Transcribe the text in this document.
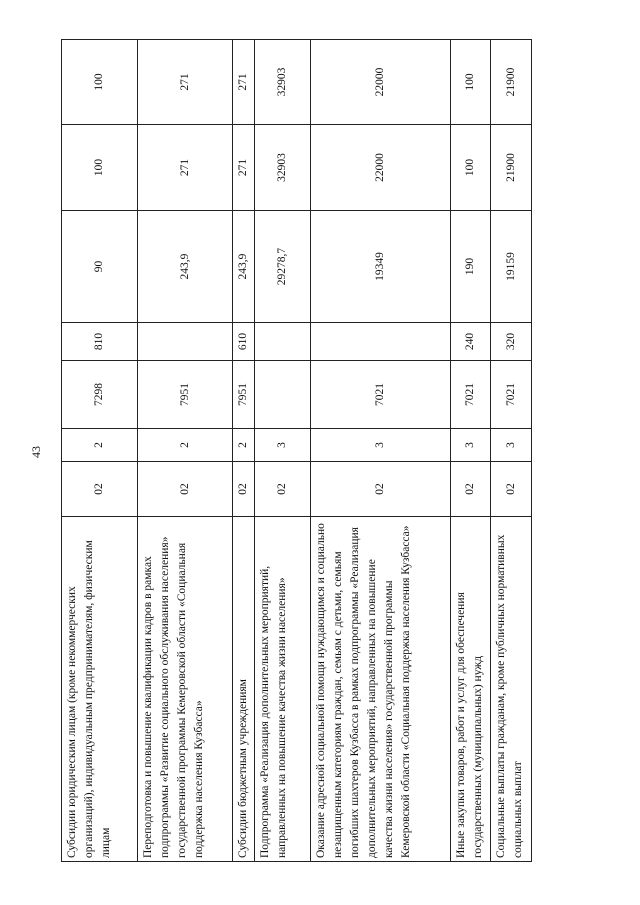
43
Субсидии юридическим лицам (кроме некоммерческих организаций), индивидуальным предпринимателям, физическим лицам	02	2	7298	810	90	100	100
Переподготовка и повышение квалификации кадров в рамках подпрограммы «Развитие социального обслуживания населения» государственной программы Кемеровской области «Социальная поддержка населения Кузбасса»	02	2	7951		243,9	271	271
Субсидии бюджетным учреждениям	02	2	7951	610	243,9	271	271
Подпрограмма «Реализация дополнительных мероприятий, направленных на повышение качества жизни населения»	02	3			29278,7	32903	32903
Оказание адресной социальной помощи нуждающимся и социально незащищенным категориям граждан, семьям с детьми, семьям погибших шахтеров Кузбасса в рамках подпрограммы «Реализация дополнительных мероприятий, направленных на повышение качества жизни населения» государственной программы Кемеровской области «Социальная поддержка населения Кузбасса»	02	3	7021		19349	22000	22000
Иные закупки товаров, работ и услуг для обеспечения государственных (муниципальных) нужд	02	3	7021	240	190	100	100
Социальные выплаты гражданам, кроме публичных нормативных социальных выплат	02	3	7021	320	19159	21900	21900
